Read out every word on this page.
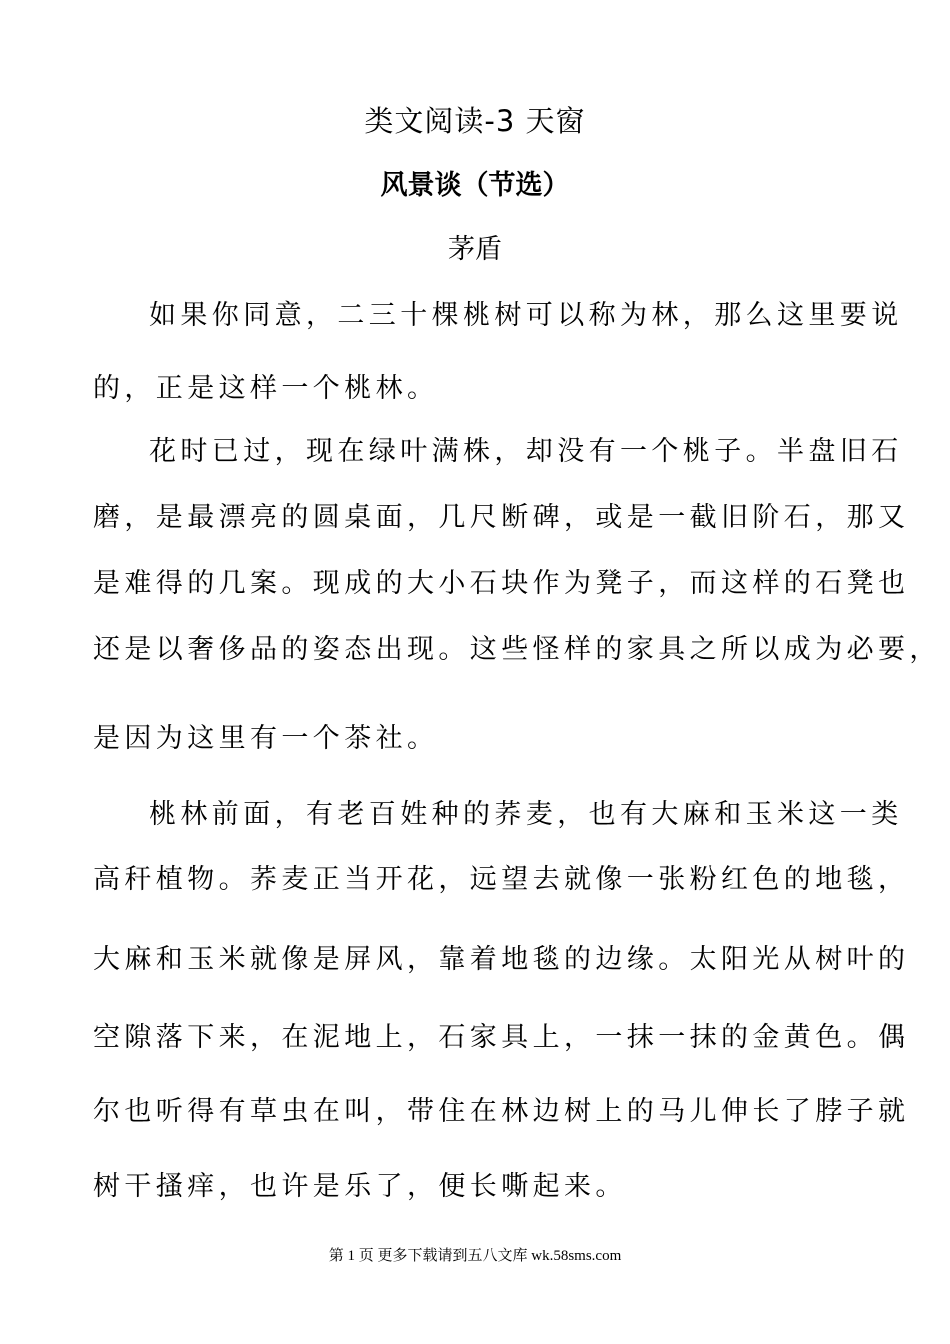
类文阅读-3 天窗
风景谈（节选）
茅盾
如果你同意，二三十棵桃树可以称为林，那么这里要说
的，正是这样一个桃林。
花时已过，现在绿叶满株，却没有一个桃子。半盘旧石
磨，是最漂亮的圆桌面，几尺断碑，或是一截旧阶石，那又
是难得的几案。现成的大小石块作为凳子，而这样的石凳也
还是以奢侈品的姿态出现。这些怪样的家具之所以成为必要，
是因为这里有一个茶社。
桃林前面，有老百姓种的荞麦，也有大麻和玉米这一类
高秆植物。荞麦正当开花，远望去就像一张粉红色的地毯，
大麻和玉米就像是屏风，靠着地毯的边缘。太阳光从树叶的
空隙落下来，在泥地上，石家具上，一抹一抹的金黄色。偶
尔也听得有草虫在叫，带住在林边树上的马儿伸长了脖子就
树干搔痒，也许是乐了，便长嘶起来。
第 1 页 更多下载请到五八文库 wk.58sms.com
